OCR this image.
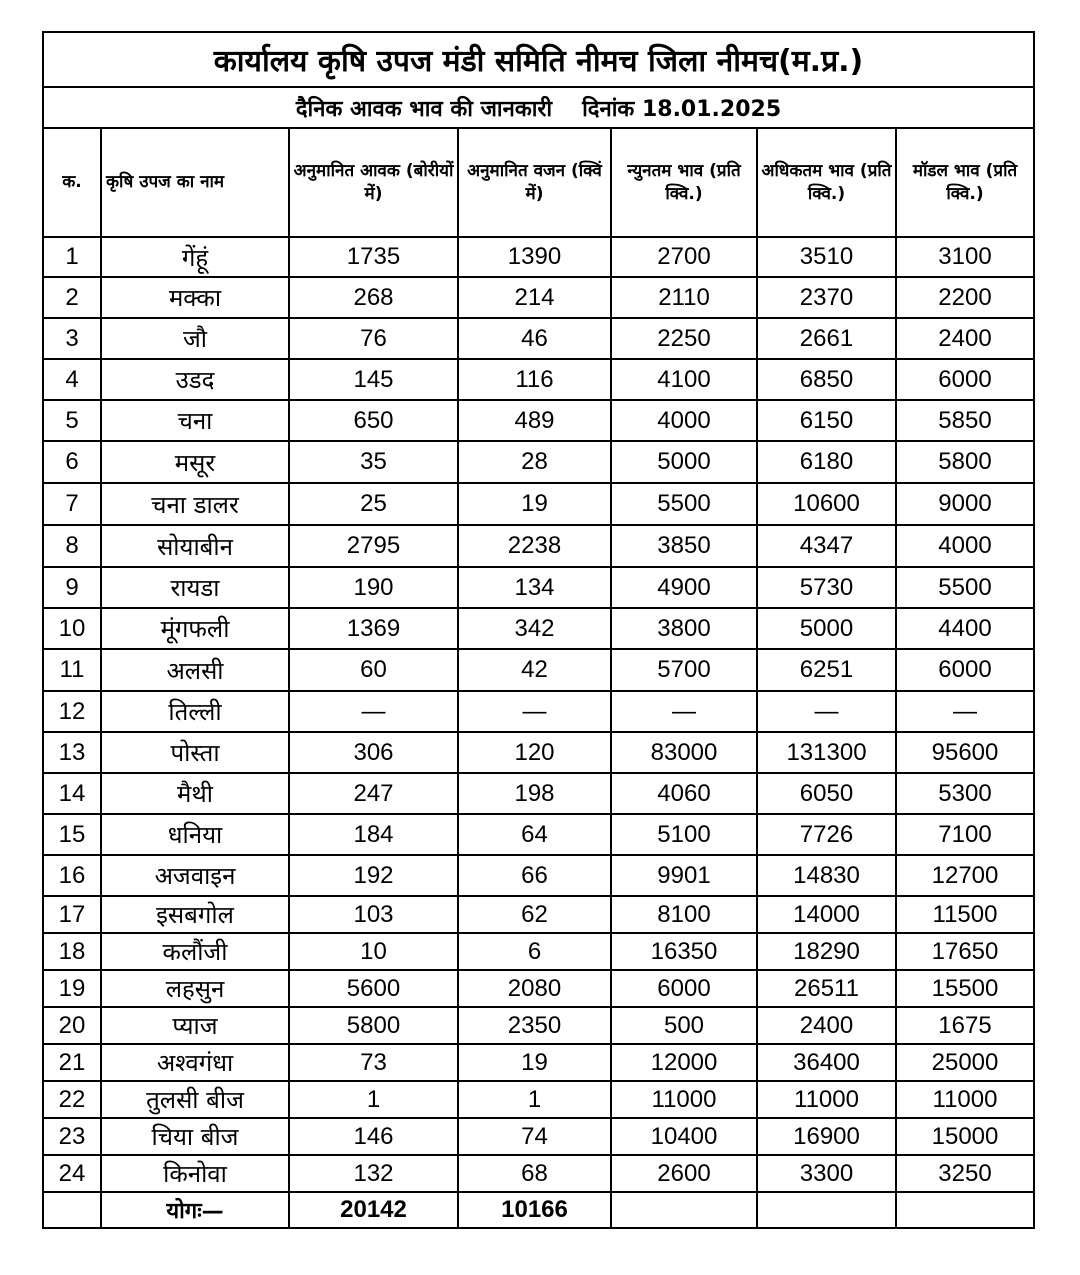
कार्यालय कृषि उपज मंडी समिति नीमच जिला नीमच(म.प्र.)
दैनिक आवक भाव की जानकारी दिनांक 18.01.2025
क.	कृषि उपज का नाम	अनुमानित आवक (बोरीयों में)	अनुमानित वजन (क्विं में)	न्युनतम भाव (प्रति क्वि.)	अधिकतम भाव (प्रति क्वि.)	मॉडल भाव (प्रति क्वि.)
1	गेंहूं	1735	1390	2700	3510	3100
2	मक्का	268	214	2110	2370	2200
3	जौ	76	46	2250	2661	2400
4	उडद	145	116	4100	6850	6000
5	चना	650	489	4000	6150	5850
6	मसूर	35	28	5000	6180	5800
7	चना डालर	25	19	5500	10600	9000
8	सोयाबीन	2795	2238	3850	4347	4000
9	रायडा	190	134	4900	5730	5500
10	मूंगफली	1369	342	3800	5000	4400
11	अलसी	60	42	5700	6251	6000
12	तिल्ली	—	—	—	—	—
13	पोस्ता	306	120	83000	131300	95600
14	मैथी	247	198	4060	6050	5300
15	धनिया	184	64	5100	7726	7100
16	अजवाइन	192	66	9901	14830	12700
17	इसबगोल	103	62	8100	14000	11500
18	कलौंजी	10	6	16350	18290	17650
19	लहसुन	5600	2080	6000	26511	15500
20	प्याज	5800	2350	500	2400	1675
21	अश्वगंधा	73	19	12000	36400	25000
22	तुलसी बीज	1	1	11000	11000	11000
23	चिया बीज	146	74	10400	16900	15000
24	किनोवा	132	68	2600	3300	3250
	योगः—	20142	10166			
